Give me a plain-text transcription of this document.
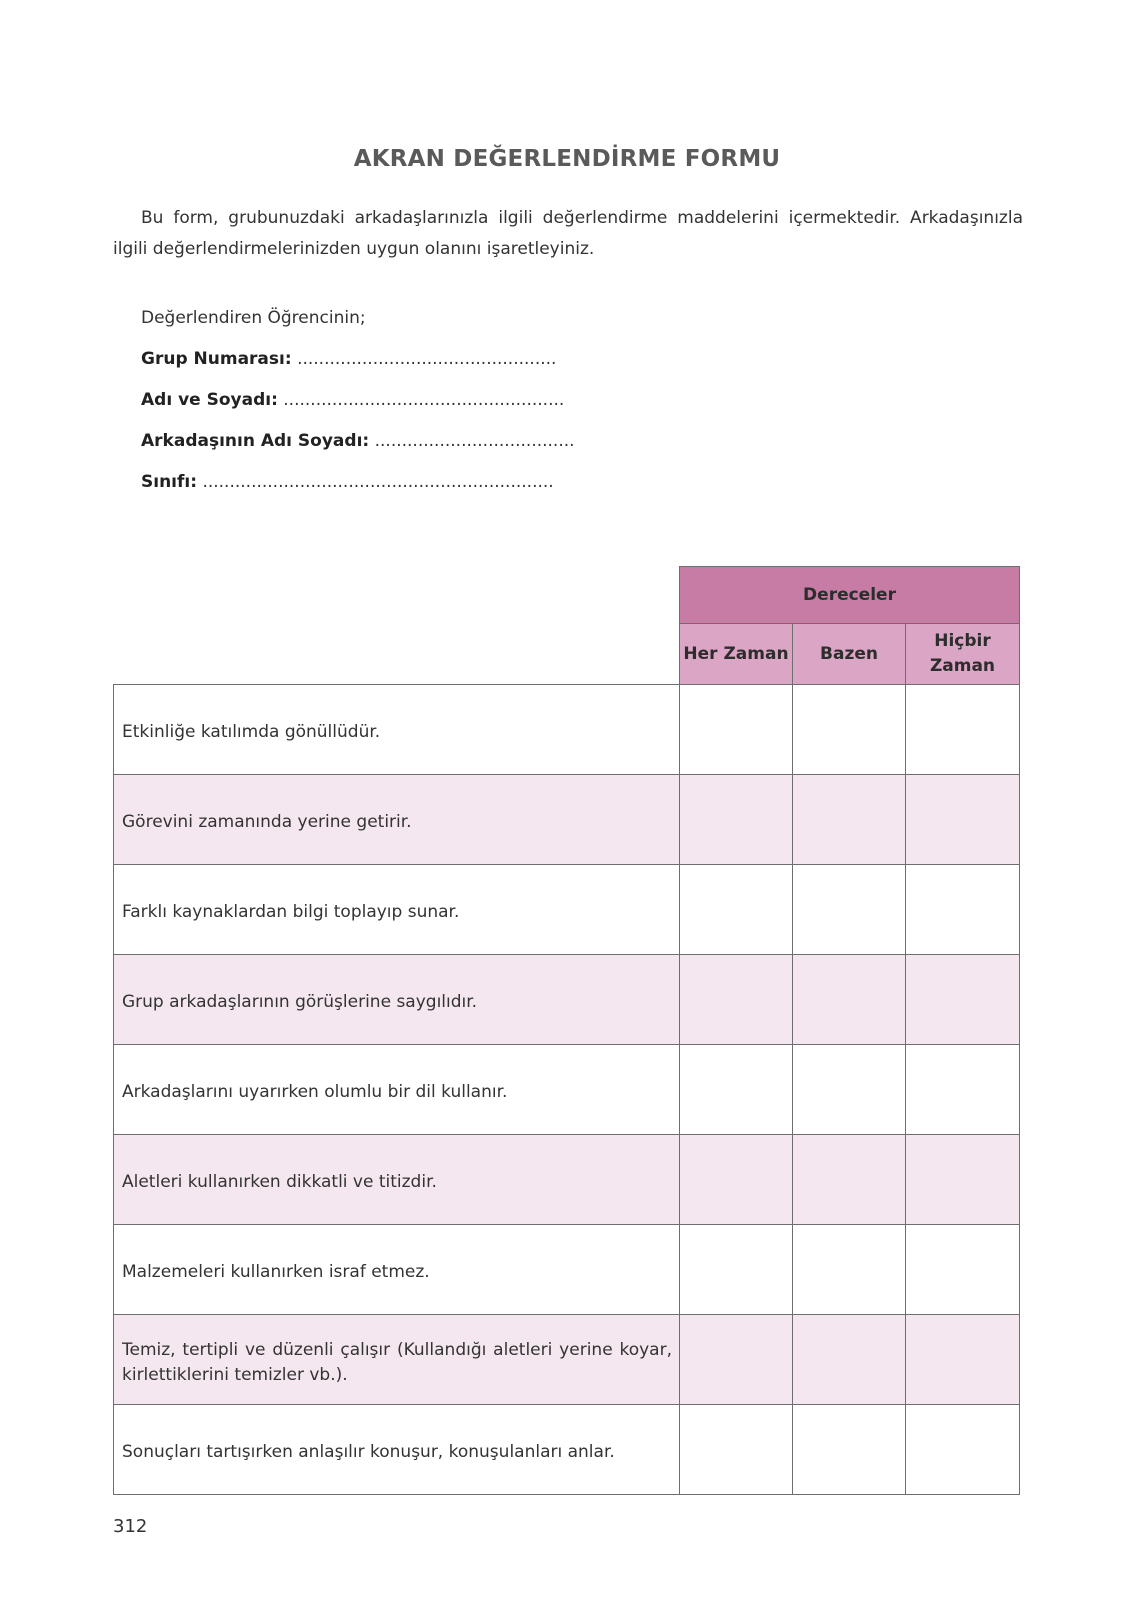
AKRAN DEĞERLENDİRME FORMU
Bu form, grubunuzdaki arkadaşlarınızla ilgili değerlendirme maddelerini içermektedir. Arkadaşınızla ilgili değerlendirmelerinizden uygun olanını işaretleyiniz.
Değerlendiren Öğrencinin;
Grup Numarası: ................................................
Adı ve Soyadı: ....................................................
Arkadaşının Adı Soyadı: .....................................
Sınıfı: .................................................................
	Dereceler		
	Her Zaman	Bazen	Hiçbir Zaman

Etkinliğe katılımda gönüllüdür.			
Görevini zamanında yerine getirir.			
Farklı kaynaklardan bilgi toplayıp sunar.			
Grup arkadaşlarının görüşlerine saygılıdır.			
Arkadaşlarını uyarırken olumlu bir dil kullanır.			
Aletleri kullanırken dikkatli ve titizdir.			
Malzemeleri kullanırken israf etmez.			
Temiz, tertipli ve düzenli çalışır (Kullandığı aletleri yerine koyar, kirlettiklerini temizler vb.).			
Sonuçları tartışırken anlaşılır konuşur, konuşulanları anlar.			
312
